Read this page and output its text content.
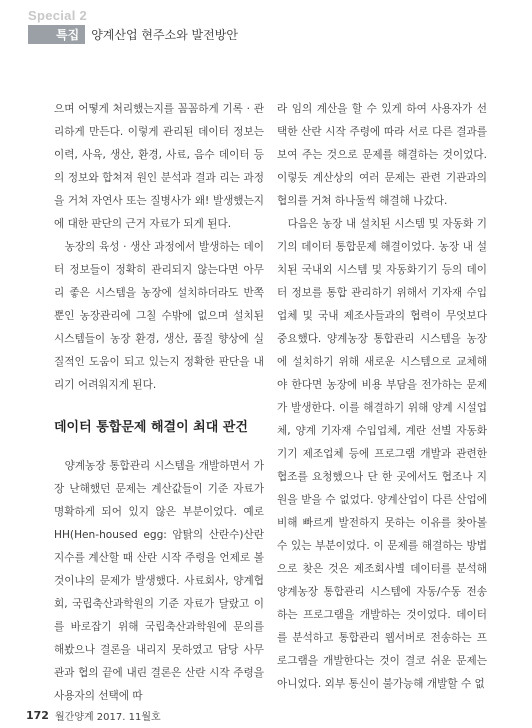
Special 2
특집	양계산업 현주소와 발전방안

으며 어떻게 처리했는지를 꼼꼼하게 기록 · 관리하게 만든다. 이렇게 관리된 데이터 정보는 이력, 사육, 생산, 환경, 사료, 음수 데이터 등의 정보와 합쳐져 원인 분석과 결과 리는 과정을 거쳐 자연사 또는 질병사가 왜! 발생했는지에 대한 판단의 근거 자료가 되게 된다.

농장의 육성 · 생산 과정에서 발생하는 데이터 정보들이 정확히 관리되지 않는다면 아무리 좋은 시스템을 농장에 설치하더라도 반쪽뿐인 농장관리에 그칠 수밖에 없으며 설치된 시스템들이 농장 환경, 생산, 품질 향상에 실질적인 도움이 되고 있는지 정확한 판단을 내리기 어려워지게 된다.

데이터 통합문제 해결이 최대 관건

양계농장 통합관리 시스템을 개발하면서 가장 난해했던 문제는 계산값들이 기준 자료가 명확하게 되어 있지 않은 부분이었다. 예로 HH(Hen-housed egg: 암탉의 산란수)산란지수를 계산할 때 산란 시작 주령을 언제로 볼 것이냐의 문제가 발생했다. 사료회사, 양계협회, 국립축산과학원의 기준 자료가 달랐고 이를 바로잡기 위해 국립축산과학원에 문의를 해봤으나 결론을 내리지 못하였고 담당 사무관과 협의 끝에 내린 결론은 산란 시작 주령을 사용자의 선택에 따

라 임의 계산을 할 수 있게 하여 사용자가 선택한 산란 시작 주령에 따라 서로 다른 결과를 보여 주는 것으로 문제를 해결하는 것이었다. 이렇듯 계산상의 여러 문제는 관련 기관과의 협의를 거쳐 하나둘씩 해결해 나갔다.

다음은 농장 내 설치된 시스템 및 자동화 기기의 데이터 통합문제 해결이었다. 농장 내 설치된 국내외 시스템 및 자동화기기 등의 데이터 정보를 통합 관리하기 위해서 기자재 수입업체 및 국내 제조사들과의 협력이 무엇보다 중요했다. 양계농장 통합관리 시스템을 농장에 설치하기 위해 새로운 시스템으로 교체해야 한다면 농장에 비용 부담을 전가하는 문제가 발생한다. 이를 해결하기 위해 양계 시설업체, 양계 기자재 수입업체, 계란 선별 자동화기기 제조업체 등에 프로그램 개발과 관련한 협조를 요청했으나 단 한 곳에서도 협조나 지원을 받을 수 없었다. 양계산업이 다른 산업에 비해 빠르게 발전하지 못하는 이유를 찾아볼 수 있는 부분이었다. 이 문제를 해결하는 방법으로 찾은 것은 제조회사별 데이터를 분석해 양계농장 통합관리 시스템에 자동/수동 전송하는 프로그램을 개발하는 것이었다. 데이터를 분석하고 통합관리 웹서버로 전송하는 프로그램을 개발한다는 것이 결코 쉬운 문제는 아니었다. 외부 통신이 불가능해 개발할 수 없

172 월간양계 2017. 11월호
